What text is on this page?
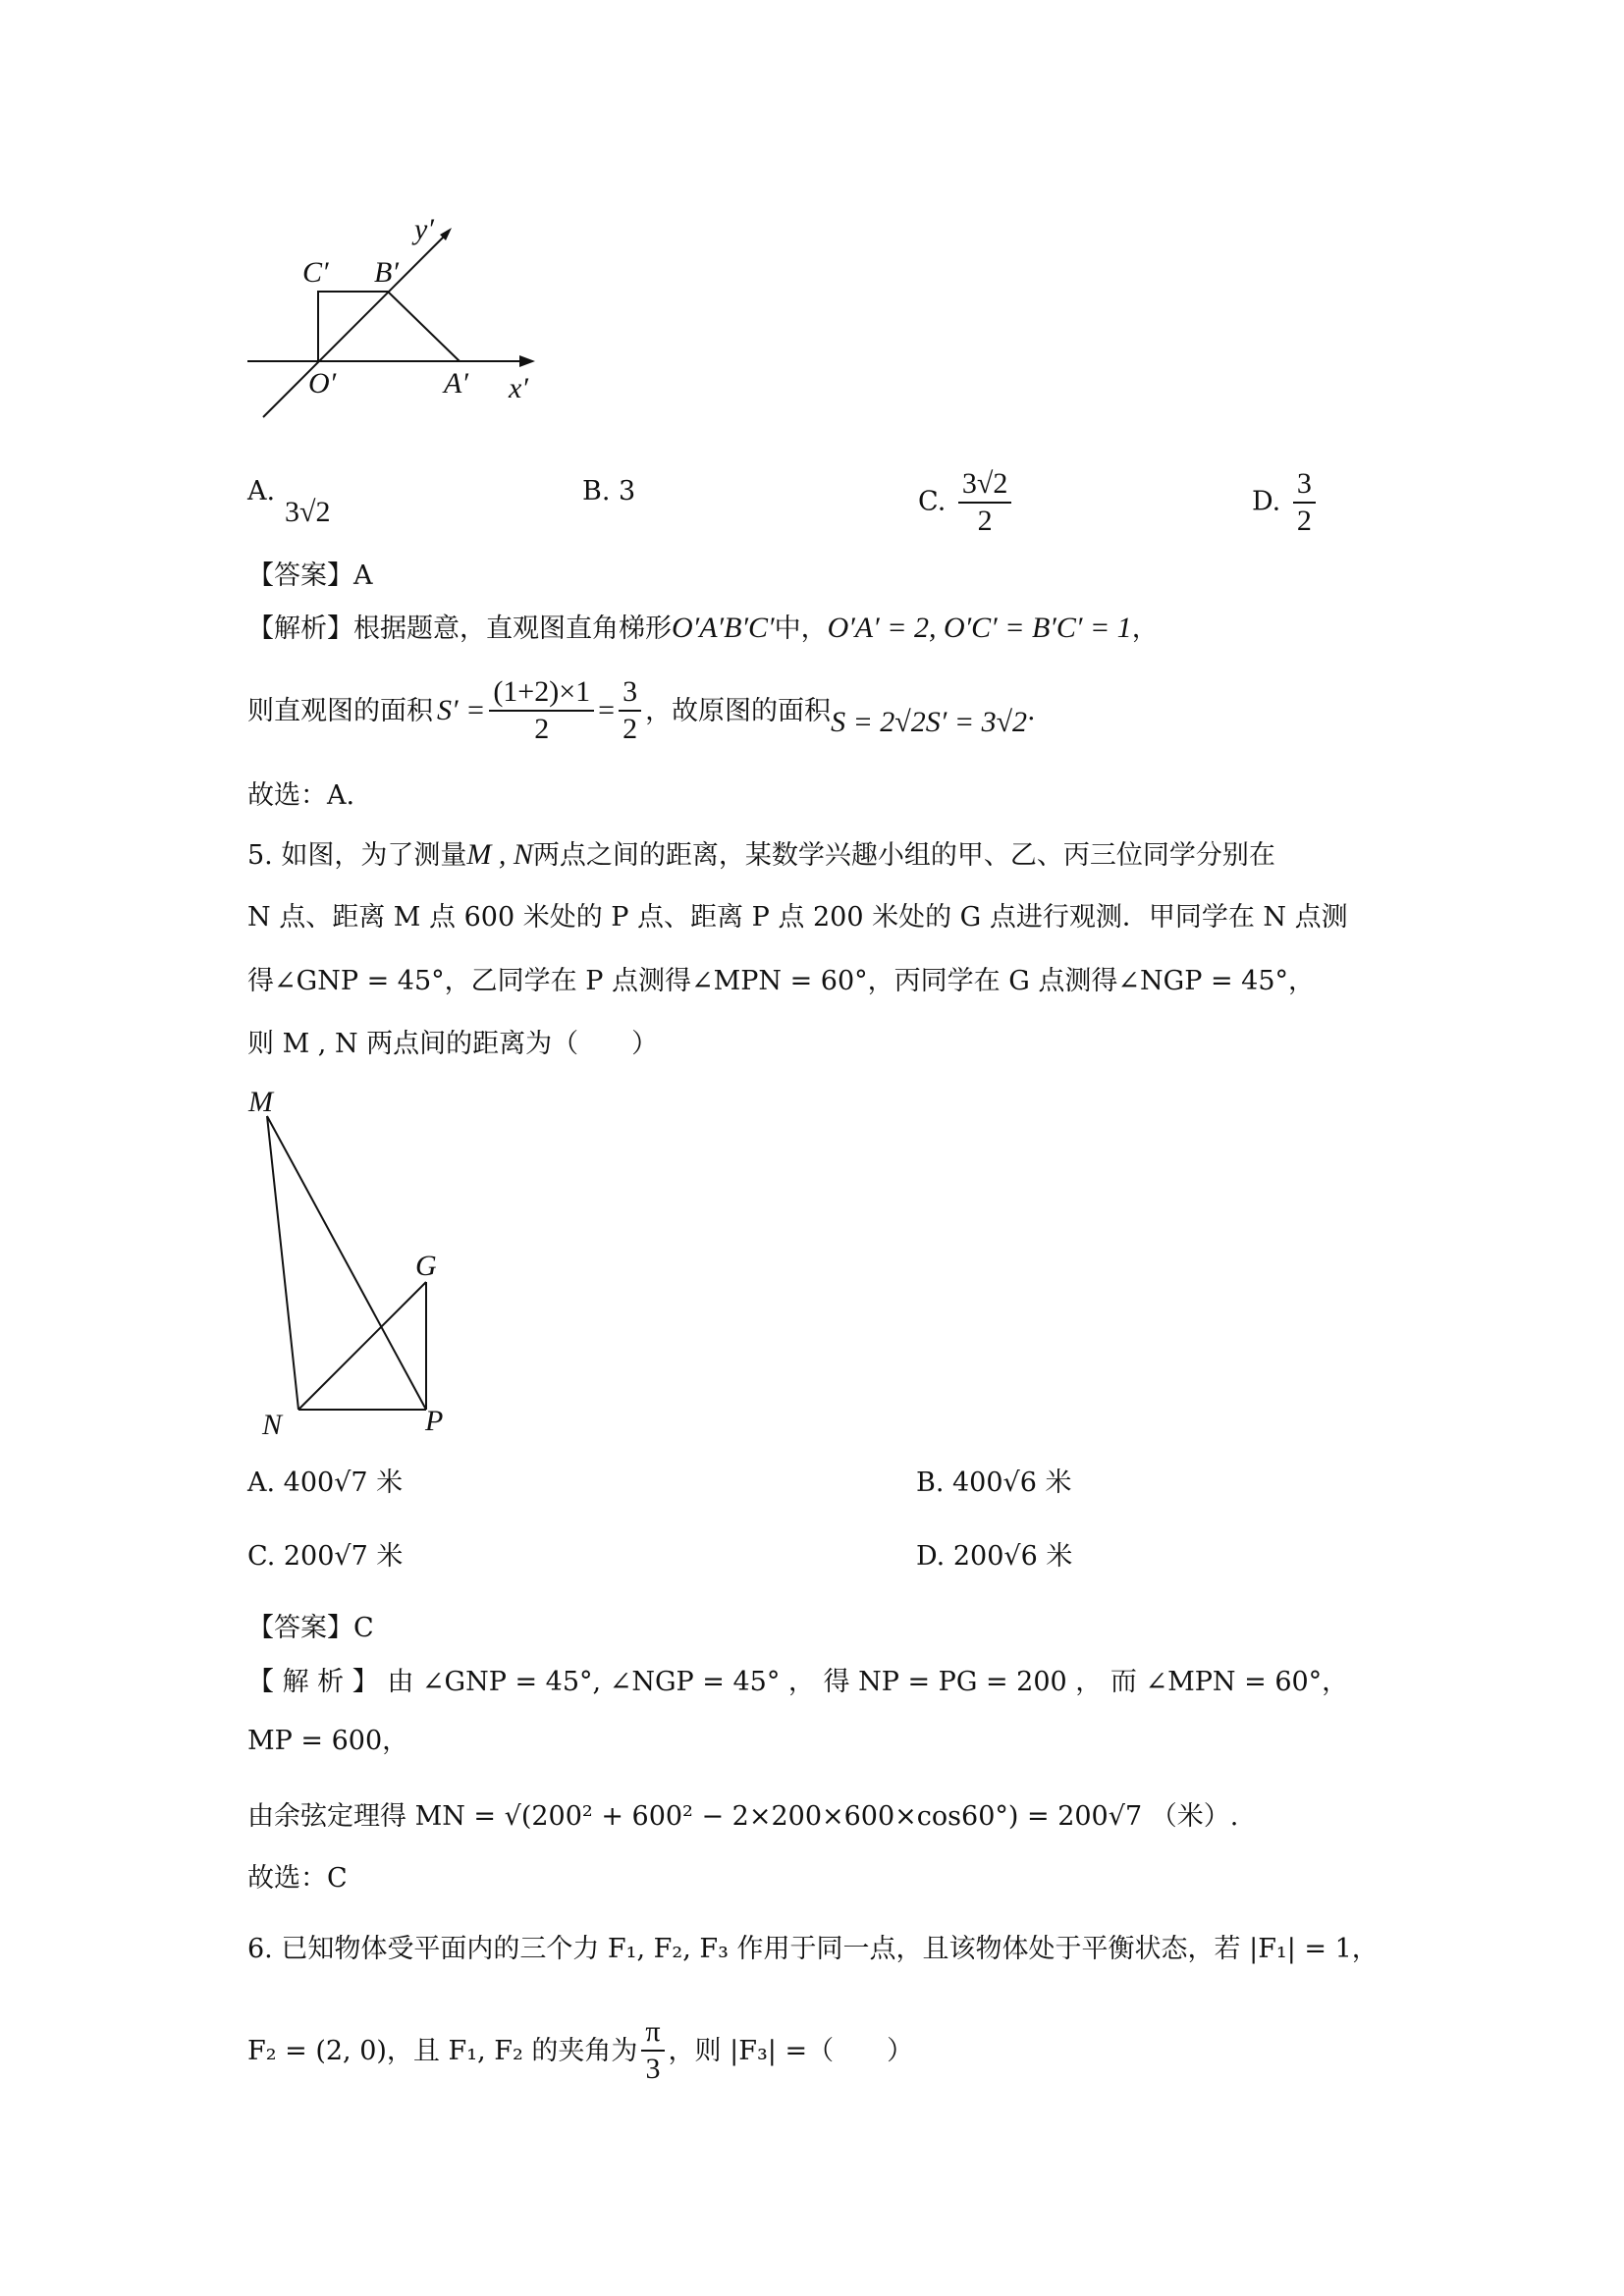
y′
C′ B′
O′	A′ x′
A.
3√2
B. 3	C. $\frac{3√2}{2}$	D. $\frac{3}{2}$
【答案】A
【解析】根据题意，直观图直角梯形O′A′B′C′中，O′A′ = 2, O′C′ = B′C′ = 1，
则直观图的面积 $S' = \frac{(1+2)\times 1}{2} = \frac{3}{2}$ ，故原图的面积 S = 2√2S′ = 3√2 .
故选：A.
5. 如图，为了测量M , N两点之间的距离，某数学兴趣小组的甲、乙、丙三位同学分别在
N 点、距离 M 点 600 米处的 P 点、距离 P 点 200 米处的 G 点进行观测．甲同学在 N 点测
得∠GNP = 45°，乙同学在 P 点测得∠MPN = 60°，丙同学在 G 点测得∠NGP = 45°，
则 M , N 两点间的距离为（　　）
M
G
N	P
A. 400√7 米	B. 400√6 米
C. 200√7 米	D. 200√6 米
【答案】C
【 解 析 】 由 ∠GNP = 45°, ∠NGP = 45° ， 得 NP = PG = 200 ， 而 ∠MPN = 60°，
MP = 600，
由余弦定理得 MN = √(200² + 600² − 2×200×600×cos60°) = 200√7 （米）.
故选：C
6. 已知物体受平面内的三个力 F₁, F₂, F₃ 作用于同一点，且该物体处于平衡状态，若 |F₁| = 1，
F₂ = (2, 0)，且 F₁, F₂ 的夹角为 $\frac{\pi}{3}$ ，则 |F₃| =（　　）
